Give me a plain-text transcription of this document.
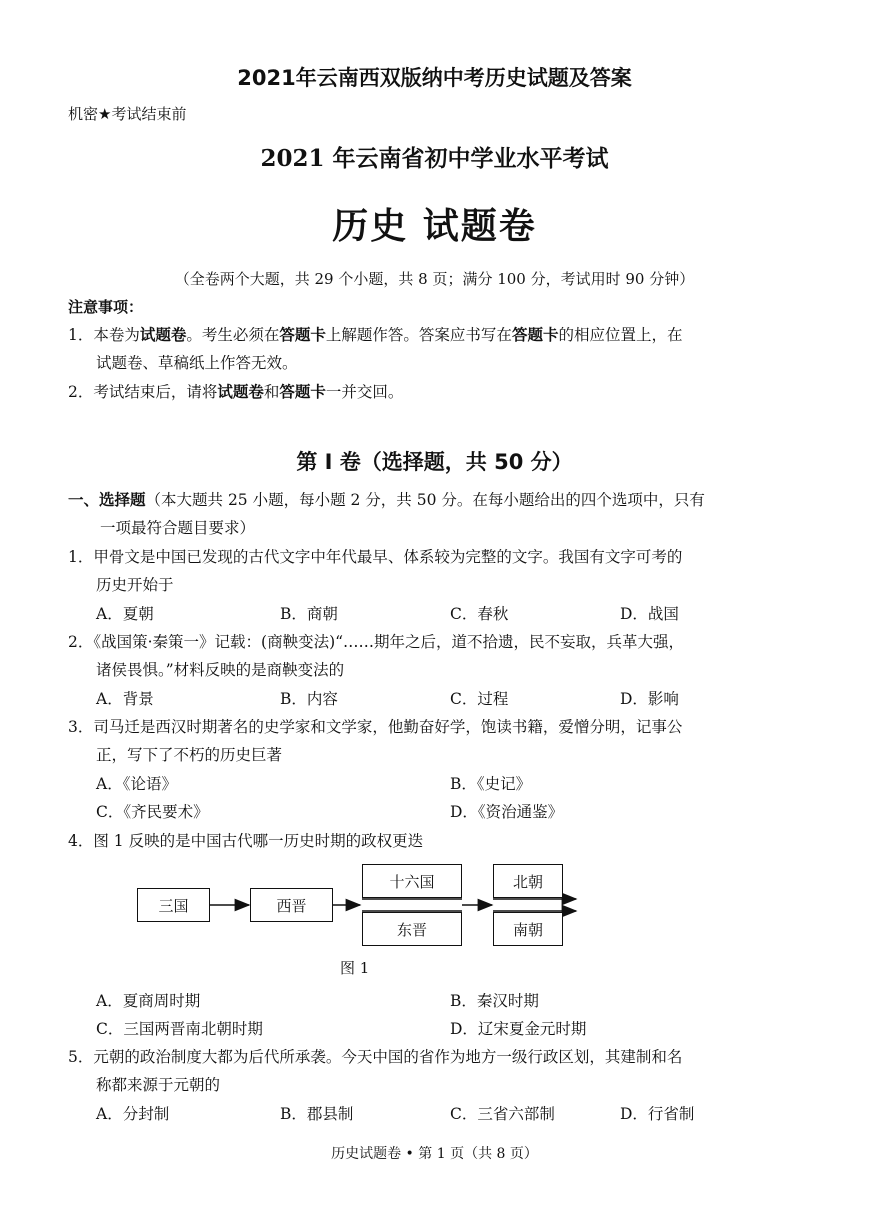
2021年云南西双版纳中考历史试题及答案
机密★考试结束前
2021 年云南省初中学业水平考试
历史 试题卷
（全卷两个大题，共 29 个小题，共 8 页；满分 100 分，考试用时 90 分钟）
注意事项：
1．本卷为试题卷。考生必须在答题卡上解题作答。答案应书写在答题卡的相应位置上，在
试题卷、草稿纸上作答无效。
2．考试结束后，请将试题卷和答题卡一并交回。
第 I 卷（选择题，共 50 分）
一、选择题（本大题共 25 小题，每小题 2 分，共 50 分。在每小题给出的四个选项中，只有
一项最符合题目要求）
1．甲骨文是中国已发现的古代文字中年代最早、体系较为完整的文字。我国有文字可考的
历史开始于
A．夏朝	B．商朝	C．春秋	D．战国
2．《战国策·秦策一》记载：(商鞅变法)“……期年之后，道不拾遗，民不妄取，兵革大强，
诸侯畏惧。”材料反映的是商鞅变法的
A．背景	B．内容	C．过程	D．影响
3．司马迁是西汉时期著名的史学家和文学家，他勤奋好学，饱读书籍，爱憎分明，记事公
正，写下了不朽的历史巨著
A．《论语》	B．《史记》
C．《齐民要术》	D．《资治通鉴》
4．图 1 反映的是中国古代哪一历史时期的政权更迭
三国	西晋
十六国
东晋
北朝
南朝
图 1
A．夏商周时期	B．秦汉时期
C．三国两晋南北朝时期	D．辽宋夏金元时期
5．元朝的政治制度大都为后代所承袭。今天中国的省作为地方一级行政区划，其建制和名
称都来源于元朝的
A．分封制	B．郡县制	C．三省六部制	D．行省制
历史试题卷 • 第 1 页（共 8 页）
